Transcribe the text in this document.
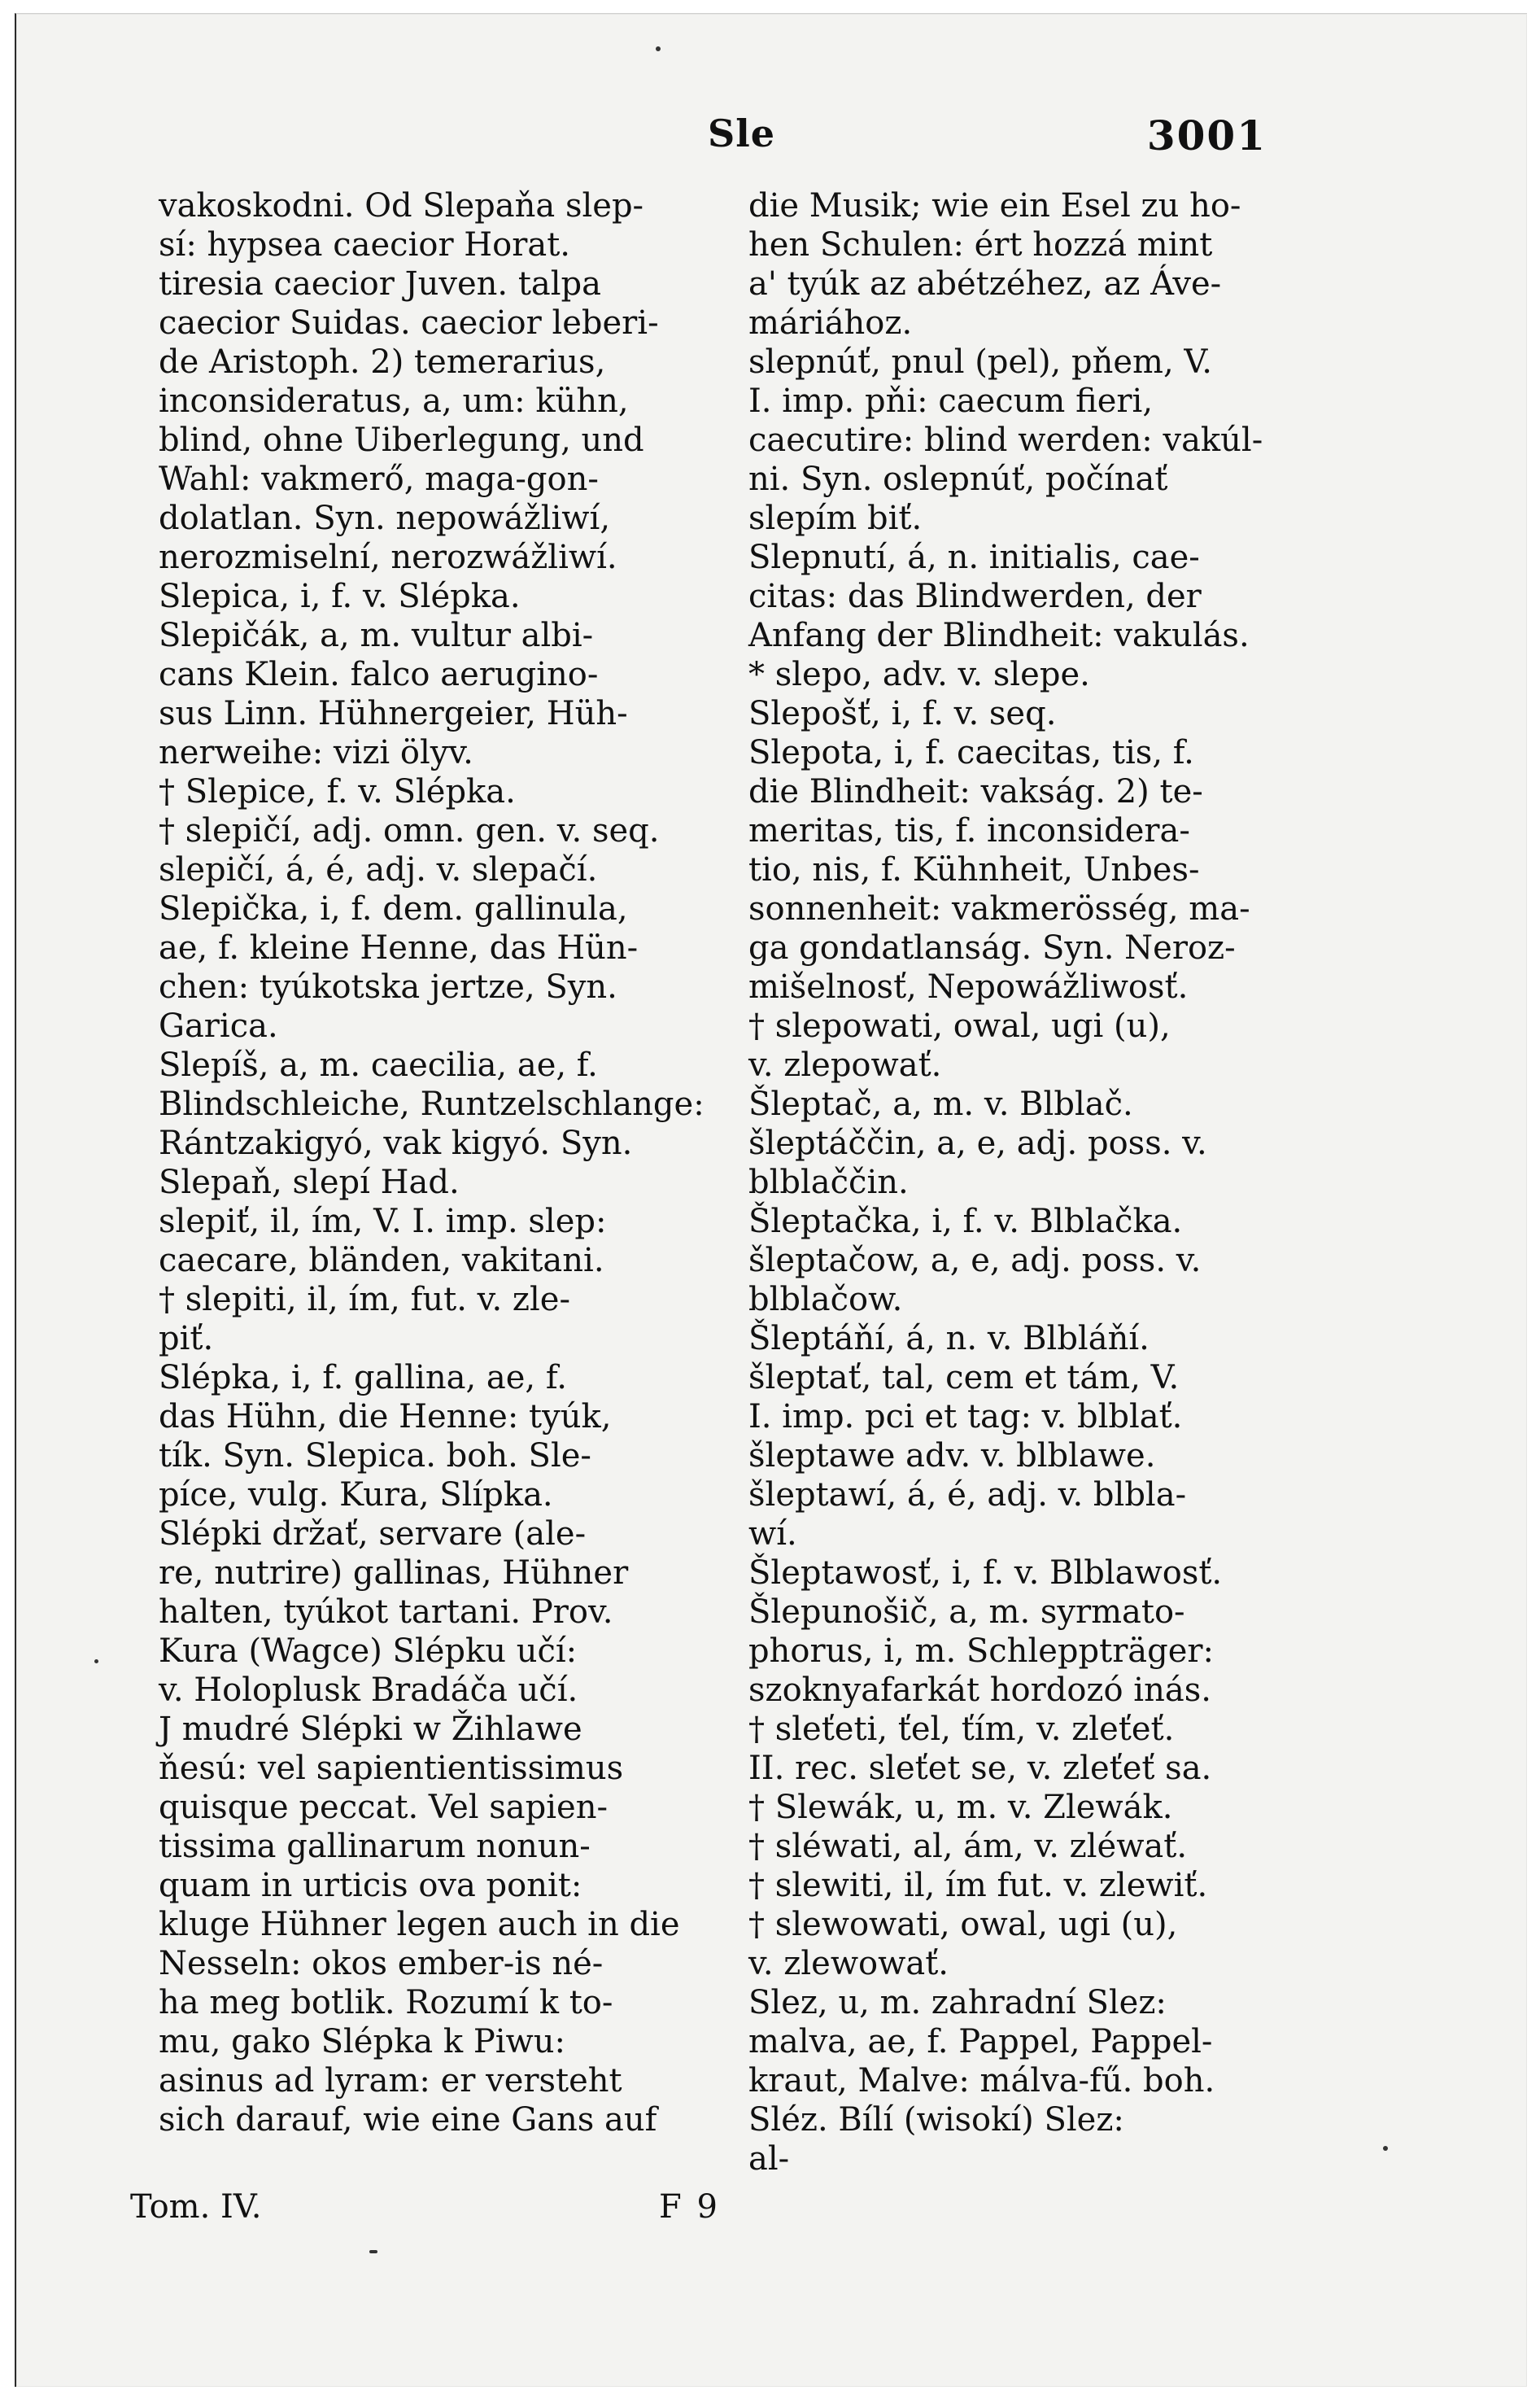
Sle	3001
vakoskodni. Od Slepaňa slep-
sí: hypsea caecior Horat.
tiresia caecior Juven. talpa
caecior Suidas. caecior leberi-
de Aristoph. 2) temerarius,
inconsideratus, a, um: kühn,
blind, ohne Uiberlegung, und
Wahl: vakmerő, maga-gon-
dolatlan. Syn. nepowážliwí,
nerozmiselní, nerozwážliwí.
Slepica, i, f. v. Slépka.
Slepičák, a, m. vultur albi-
cans Klein. falco aerugino-
sus Linn. Hühnergeier, Hüh-
nerweihe: vizi ölyv.
† Slepice, f. v. Slépka.
† slepičí, adj. omn. gen. v. seq.
slepičí, á, é, adj. v. slepačí.
Slepička, i, f. dem. gallinula,
ae, f. kleine Henne, das Hün-
chen: tyúkotska jertze, Syn.
Garica.
Slepíš, a, m. caecilia, ae, f.
Blindschleiche, Runtzelschlange:
Rántzakigyó, vak kigyó. Syn.
Slepaň, slepí Had.
slepiť, il, ím, V. I. imp. slep:
caecare, bländen, vakitani.
† slepiti, il, ím, fut. v. zle-
piť.
Slépka, i, f. gallina, ae, f.
das Hühn, die Henne: tyúk,
tík. Syn. Slepica. boh. Sle-
píce, vulg. Kura, Slípka.
Slépki držať, servare (ale-
re, nutrire) gallinas, Hühner
halten, tyúkot tartani. Prov.
Kura (Wagce) Slépku učí:
v. Holoplusk Bradáča učí.
J mudré Slépki w Žihlawe
ňesú: vel sapientientissimus
quisque peccat. Vel sapien-
tissima gallinarum nonun-
quam in urticis ova ponit:
kluge Hühner legen auch in die
Nesseln: okos ember-is né-
ha meg botlik. Rozumí k to-
mu, gako Slépka k Piwu:
asinus ad lyram: er versteht
sich darauf, wie eine Gans auf
die Musik; wie ein Esel zu ho-
hen Schulen: ért hozzá mint
a' tyúk az abétzéhez, az Áve-
máriához.
slepnúť, pnul (pel), pňem, V.
I. imp. pňi: caecum fieri,
caecutire: blind werden: vakúl-
ni. Syn. oslepnúť, počínať
slepím biť.
Slepnutí, á, n. initialis, cae-
citas: das Blindwerden, der
Anfang der Blindheit: vakulás.
* slepo, adv. v. slepe.
Slepošť, i, f. v. seq.
Slepota, i, f. caecitas, tis, f.
die Blindheit: vakság. 2) te-
meritas, tis, f. inconsidera-
tio, nis, f. Kühnheit, Unbes-
sonnenheit: vakmerösség, ma-
ga gondatlanság. Syn. Neroz-
mišelnosť, Nepowážliwosť.
† slepowati, owal, ugi (u),
v. zlepowať.
Šleptač, a, m. v. Blblač.
šleptáččin, a, e, adj. poss. v.
blblaččin.
Šleptačka, i, f. v. Blblačka.
šleptačow, a, e, adj. poss. v.
blblačow.
Šleptáňí, á, n. v. Blbláňí.
šleptať, tal, cem et tám, V.
I. imp. pci et tag: v. blblať.
šleptawe adv. v. blblawe.
šleptawí, á, é, adj. v. blbla-
wí.
Šleptawosť, i, f. v. Blblawosť.
Šlepunošič, a, m. syrmato-
phorus, i, m. Schleppträger:
szoknyafarkát hordozó inás.
† sleťeti, ťel, ťím, v. zleťeť.
II. rec. sleťet se, v. zleťeť sa.
† Slewák, u, m. v. Zlewák.
† sléwati, al, ám, v. zléwať.
† slewiti, il, ím fut. v. zlewiť.
† slewowati, owal, ugi (u),
v. zlewowať.
Slez, u, m. zahradní Slez:
malva, ae, f. Pappel, Pappel-
kraut, Malve: málva-fű. boh.
Sléz. Bílí (wisokí) Slez:
al-
Tom. IV.	F 9
